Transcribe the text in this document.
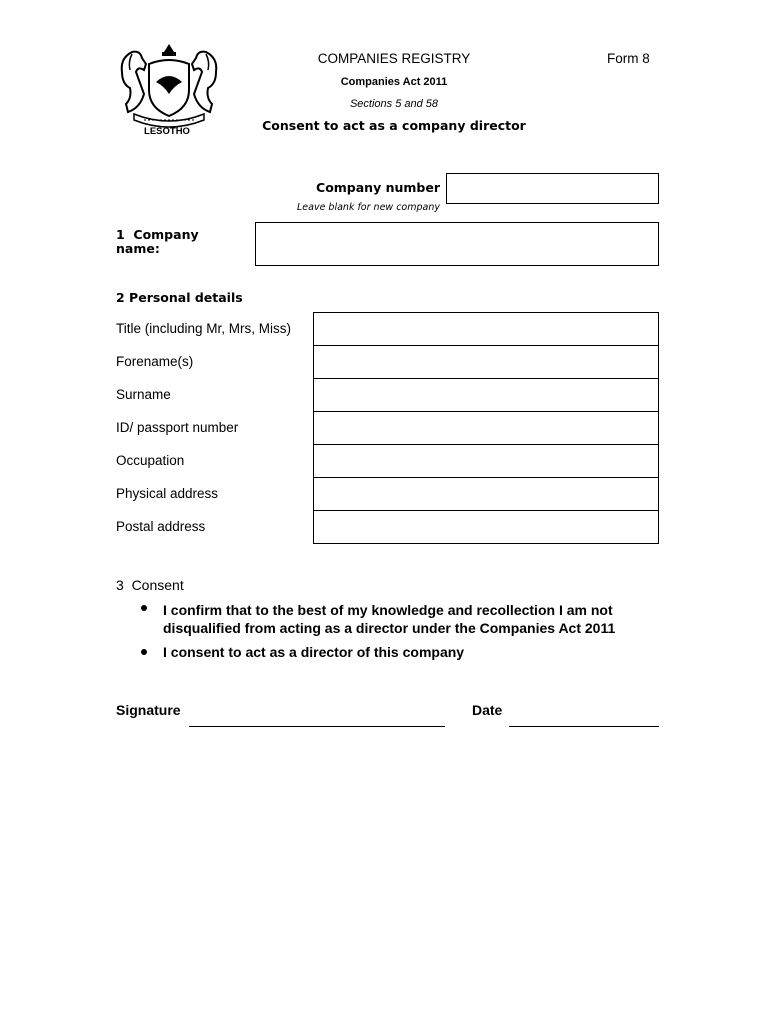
LESOTHO
COMPANIES REGISTRY	Form 8
Companies Act 2011
Sections 5 and 58
Consent to act as a company director
Company number
Leave blank for new company
1  Company
name:
2 Personal details
Title (including Mr, Mrs, Miss)
Forename(s)
Surname
ID/ passport number
Occupation
Physical address
Postal address
3  Consent
I confirm that to the best of my knowledge and recollection I am not
disqualified from acting as a director under the Companies Act 2011
I consent to act as a director of this company
Signature	Date
